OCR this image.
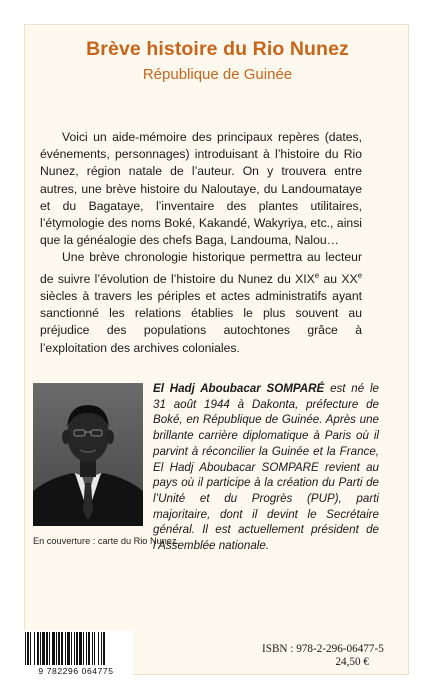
Brève histoire du Rio Nunez
République de Guinée

Voici un aide-mémoire des principaux repères (dates, événements, personnages) introduisant à l’histoire du Rio Nunez, région natale de l’auteur. On y trouvera entre autres, une brève histoire du Naloutaye, du Landoumataye et du Bagataye, l’inventaire des plantes utilitaires, l’étymologie des noms Boké, Kakandé, Wakyriya, etc., ainsi que la généalogie des chefs Baga, Landouma, Nalou…

Une brève chronologie historique permettra au lecteur de suivre l’évolution de l’histoire du Nunez du XIXe au XXe siècles à travers les périples et actes administratifs ayant sanctionné les relations établies le plus souvent au préjudice des populations autochtones grâce à l’exploitation des archives coloniales.

El Hadj Aboubacar SOMPARÉ est né le 31 août 1944 à Dakonta, préfecture de Boké, en République de Guinée. Après une brillante carrière diplomatique à Paris où il parvint à réconcilier la Guinée et la France, El Hadj Aboubacar SOMPARE revient au pays où il participe à la création du Parti de l’Unité et du Progrès (PUP), parti majoritaire, dont il devint le Secrétaire général. Il est actuellement président de l’Assemblée nationale.
En couverture : carte du Rio Nunez.
9 782296 064775
ISBN : 978-2-296-06477-5
24,50 €
